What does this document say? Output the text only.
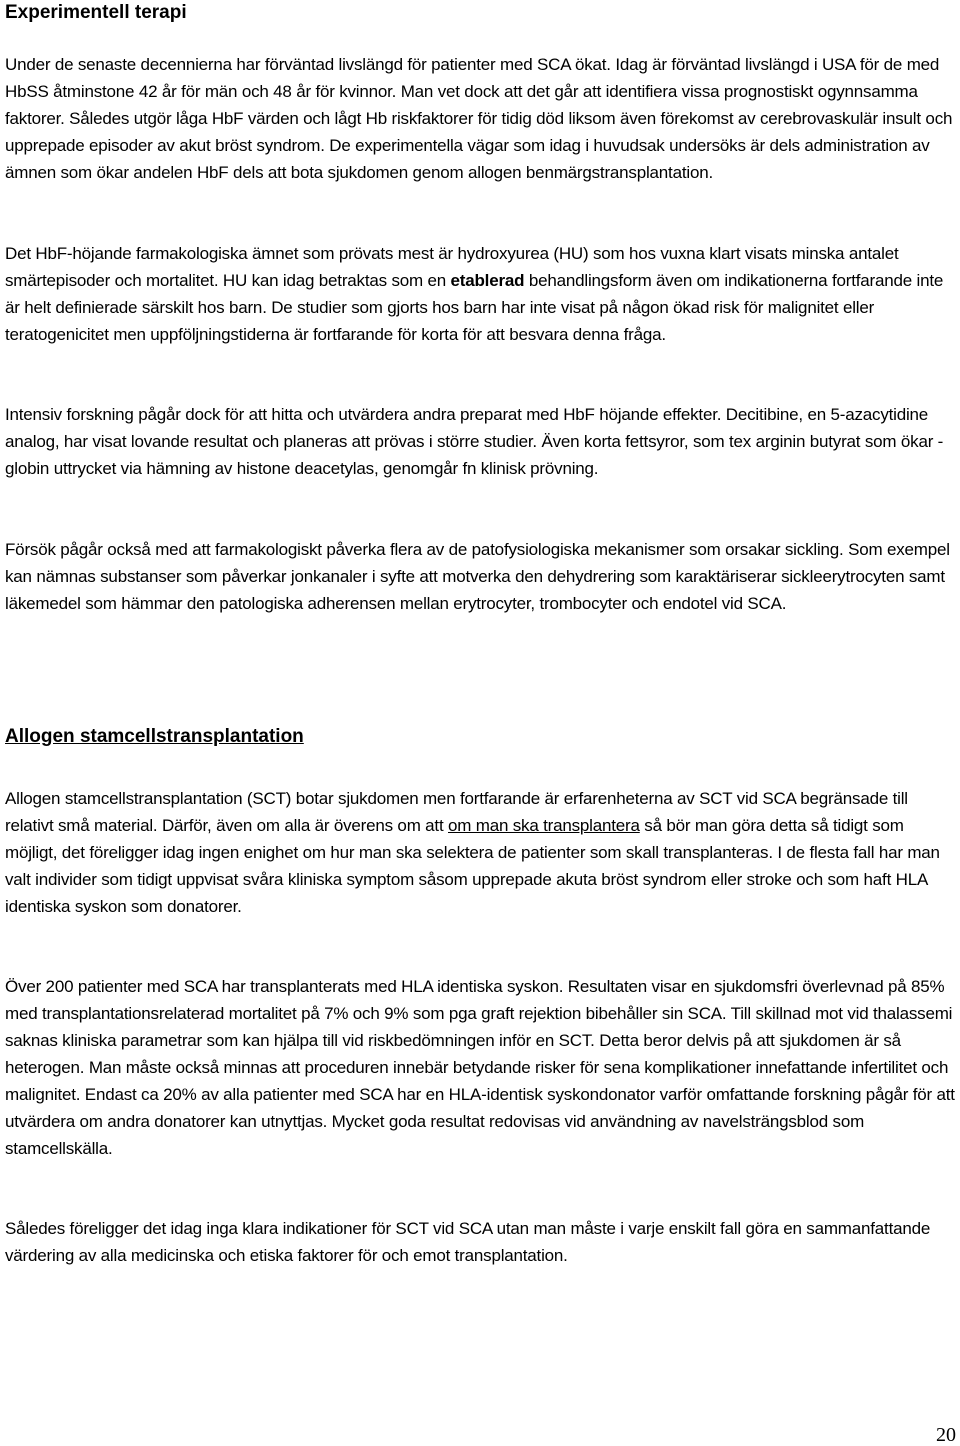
Experimentell terapi

Under de senaste decennierna har förväntad livslängd för patienter med SCA ökat. Idag är förväntad livslängd i USA för de med HbSS åtminstone 42 år för män och 48 år för kvinnor. Man vet dock att det går att identifiera vissa prognostiskt ogynnsamma faktorer. Således utgör låga HbF värden och lågt Hb riskfaktorer för tidig död liksom även förekomst av cerebrovaskulär insult och upprepade episoder av akut bröst syndrom. De experimentella vägar som idag i huvudsak undersöks är dels administration av ämnen som ökar andelen HbF dels att bota sjukdomen genom allogen benmärgstransplantation.

Det HbF-höjande farmakologiska ämnet som prövats mest är hydroxyurea (HU) som hos vuxna klart visats minska antalet smärtepisoder och mortalitet. HU kan idag betraktas som en etablerad behandlingsform även om indikationerna fortfarande inte är helt definierade särskilt hos barn. De studier som gjorts hos barn har inte visat på någon ökad risk för malignitet eller teratogenicitet men uppföljningstiderna är fortfarande för korta för att besvara denna fråga.

Intensiv forskning pågår dock för att hitta och utvärdera andra preparat med HbF höjande effekter. Decitibine, en 5-azacytidine analog, har visat lovande resultat och planeras att prövas i större studier. Även korta fettsyror, som tex arginin butyrat som ökar -globin uttrycket via hämning av histone deacetylas, genomgår fn klinisk prövning.

Försök pågår också med att farmakologiskt påverka flera av de patofysiologiska mekanismer som orsakar sickling. Som exempel kan nämnas substanser som påverkar jonkanaler i syfte att motverka den dehydrering som karaktäriserar sickleerytrocyten samt läkemedel som hämmar den patologiska adherensen mellan erytrocyter, trombocyter och endotel vid SCA.

Allogen stamcellstransplantation

Allogen stamcellstransplantation (SCT) botar sjukdomen men fortfarande är erfarenheterna av SCT vid SCA begränsade till relativt små material. Därför, även om alla är överens om att om man ska transplantera så bör man göra detta så tidigt som möjligt, det föreligger idag ingen enighet om hur man ska selektera de patienter som skall transplanteras. I de flesta fall har man valt individer som tidigt uppvisat svåra kliniska symptom såsom upprepade akuta bröst syndrom eller stroke och som haft HLA identiska syskon som donatorer.

Över 200 patienter med SCA har transplanterats med HLA identiska syskon. Resultaten visar en sjukdomsfri överlevnad på 85% med transplantationsrelaterad mortalitet på 7% och 9% som pga graft rejektion bibehåller sin SCA. Till skillnad mot vid thalassemi saknas kliniska parametrar som kan hjälpa till vid riskbedömningen inför en SCT. Detta beror delvis på att sjukdomen är så heterogen. Man måste också minnas att proceduren innebär betydande risker för sena komplikationer innefattande infertilitet och malignitet. Endast ca 20% av alla patienter med SCA har en HLA-identisk syskondonator varför omfattande forskning pågår för att utvärdera om andra donatorer kan utnyttjas. Mycket goda resultat redovisas vid användning av navelsträngsblod som stamcellskälla.

Således föreligger det idag inga klara indikationer för SCT vid SCA utan man måste i varje enskilt fall göra en sammanfattande värdering av alla medicinska och etiska faktorer för och emot transplantation.

20
